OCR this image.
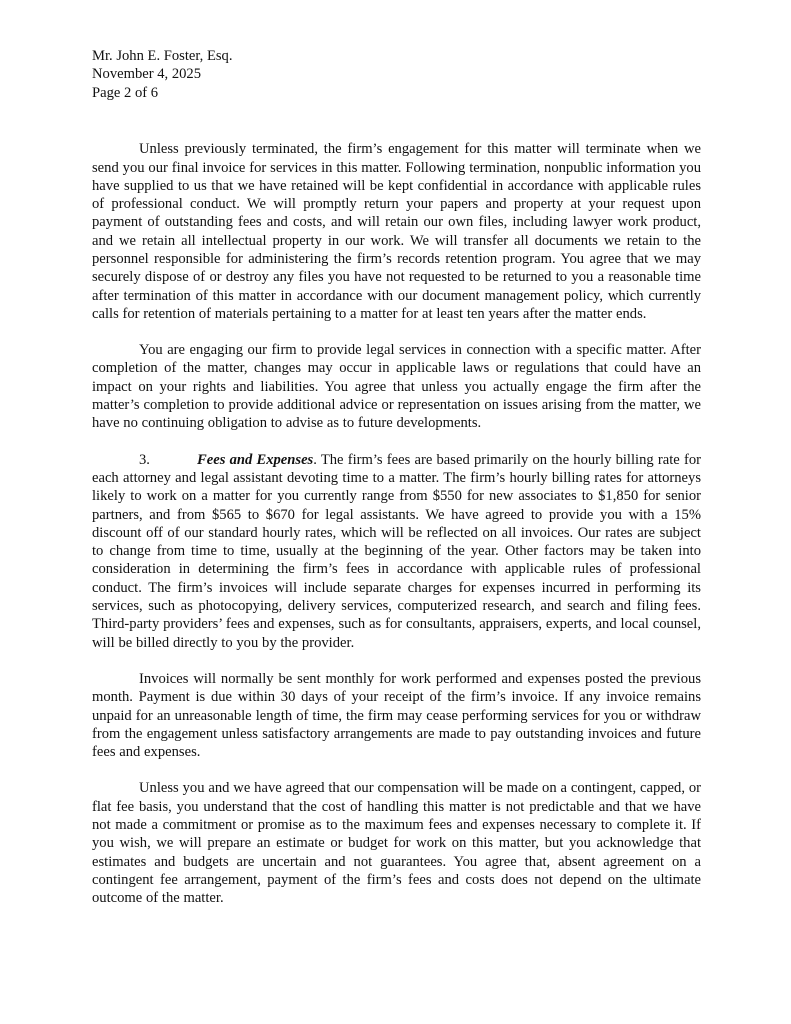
Mr. John E. Foster, Esq.
November 4, 2025
Page 2 of 6

Unless previously terminated, the firm’s engagement for this matter will terminate when we send you our final invoice for services in this matter. Following termination, nonpublic information you have supplied to us that we have retained will be kept confidential in accordance with applicable rules of professional conduct. We will promptly return your papers and property at your request upon payment of outstanding fees and costs, and will retain our own files, including lawyer work product, and we retain all intellectual property in our work. We will transfer all documents we retain to the personnel responsible for administering the firm’s records retention program. You agree that we may securely dispose of or destroy any files you have not requested to be returned to you a reasonable time after termination of this matter in accordance with our document management policy, which currently calls for retention of materials pertaining to a matter for at least ten years after the matter ends.

You are engaging our firm to provide legal services in connection with a specific matter. After completion of the matter, changes may occur in applicable laws or regulations that could have an impact on your rights and liabilities. You agree that unless you actually engage the firm after the matter’s completion to provide additional advice or representation on issues arising from the matter, we have no continuing obligation to advise as to future developments.

3.	Fees and Expenses. The firm’s fees are based primarily on the hourly billing rate for each attorney and legal assistant devoting time to a matter. The firm’s hourly billing rates for attorneys likely to work on a matter for you currently range from $550 for new associates to $1,850 for senior partners, and from $565 to $670 for legal assistants. We have agreed to provide you with a 15% discount off of our standard hourly rates, which will be reflected on all invoices. Our rates are subject to change from time to time, usually at the beginning of the year. Other factors may be taken into consideration in determining the firm’s fees in accordance with applicable rules of professional conduct. The firm’s invoices will include separate charges for expenses incurred in performing its services, such as photocopying, delivery services, computerized research, and search and filing fees. Third-party providers’ fees and expenses, such as for consultants, appraisers, experts, and local counsel, will be billed directly to you by the provider.

Invoices will normally be sent monthly for work performed and expenses posted the previous month. Payment is due within 30 days of your receipt of the firm’s invoice. If any invoice remains unpaid for an unreasonable length of time, the firm may cease performing services for you or withdraw from the engagement unless satisfactory arrangements are made to pay outstanding invoices and future fees and expenses.

Unless you and we have agreed that our compensation will be made on a contingent, capped, or flat fee basis, you understand that the cost of handling this matter is not predictable and that we have not made a commitment or promise as to the maximum fees and expenses necessary to complete it. If you wish, we will prepare an estimate or budget for work on this matter, but you acknowledge that estimates and budgets are uncertain and not guarantees. You agree that, absent agreement on a contingent fee arrangement, payment of the firm’s fees and costs does not depend on the ultimate outcome of the matter.
